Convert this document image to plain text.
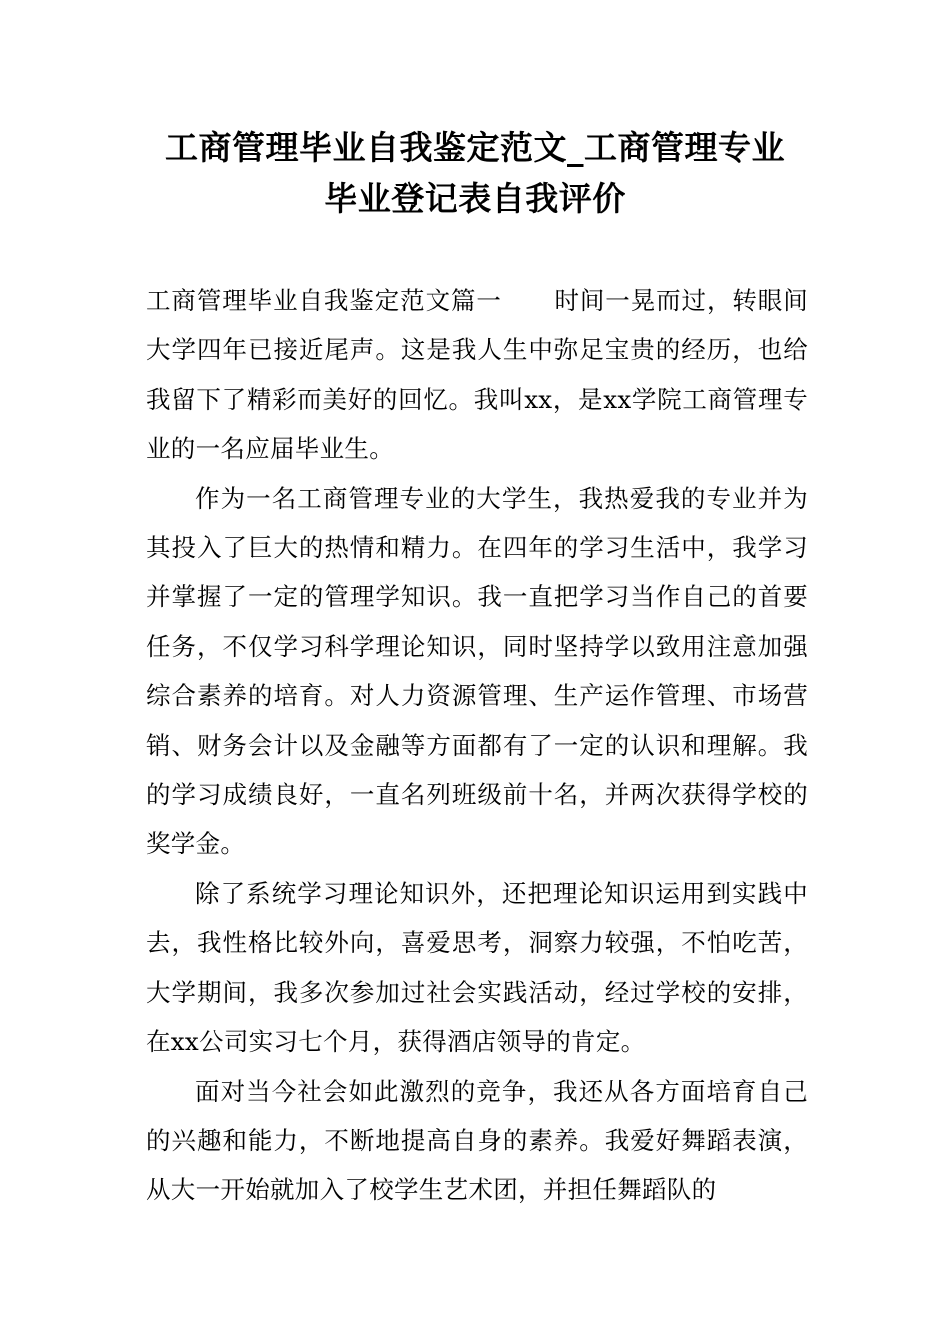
工商管理毕业自我鉴定范文_工商管理专业
毕业登记表自我评价

工商管理毕业自我鉴定范文篇一 时间一晃而过，转眼间大学四年已接近尾声。这是我人生中弥足宝贵的经历，也给我留下了精彩而美好的回忆。我叫xx，是xx学院工商管理专业的一名应届毕业生。

作为一名工商管理专业的大学生，我热爱我的专业并为其投入了巨大的热情和精力。在四年的学习生活中，我学习并掌握了一定的管理学知识。我一直把学习当作自己的首要任务，不仅学习科学理论知识，同时坚持学以致用注意加强综合素养的培育。对人力资源管理、生产运作管理、市场营销、财务会计以及金融等方面都有了一定的认识和理解。我的学习成绩良好，一直名列班级前十名，并两次获得学校的奖学金。

除了系统学习理论知识外，还把理论知识运用到实践中去，我性格比较外向，喜爱思考，洞察力较强，不怕吃苦，大学期间，我多次参加过社会实践活动，经过学校的安排，在xx公司实习七个月，获得酒店领导的肯定。

面对当今社会如此激烈的竞争，我还从各方面培育自己的兴趣和能力，不断地提高自身的素养。我爱好舞蹈表演，从大一开始就加入了校学生艺术团，并担任舞蹈队的
